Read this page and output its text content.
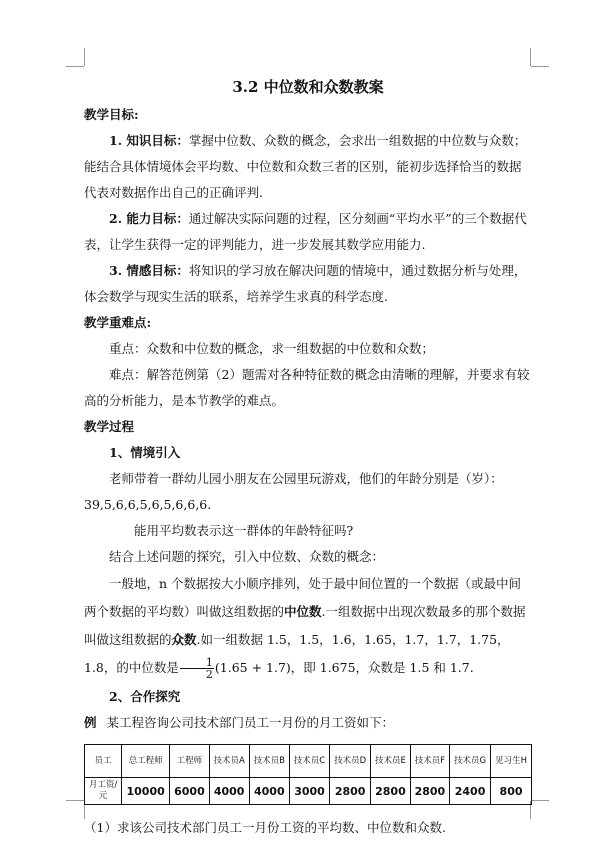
3.2 中位数和众数教案

教学目标:

1. 知识目标：掌握中位数、众数的概念，会求出一组数据的中位数与众数；能结合具体情境体会平均数、中位数和众数三者的区别，能初步选择恰当的数据代表对数据作出自己的正确评判.

2. 能力目标：通过解决实际问题的过程，区分刻画“平均水平”的三个数据代表，让学生获得一定的评判能力，进一步发展其数学应用能力.

3. 情感目标：将知识的学习放在解决问题的情境中，通过数据分析与处理，体会数学与现实生活的联系，培养学生求真的科学态度.

教学重难点:

重点：众数和中位数的概念，求一组数据的中位数和众数；

难点：解答范例第（2）题需对各种特征数的概念由清晰的理解，并要求有较高的分析能力，是本节教学的难点。

教学过程

1、情境引入

老师带着一群幼儿园小朋友在公园里玩游戏，他们的年龄分别是（岁）：

39,5,6,6,5,6,5,6,6,6.

能用平均数表示这一群体的年龄特征吗?

结合上述问题的探究，引入中位数、众数的概念：

一般地，n 个数据按大小顺序排列，处于最中间位置的一个数据（或最中间两个数据的平均数）叫做这组数据的中位数.一组数据中出现次数最多的那个数据叫做这组数据的众数.如一组数据 1.5，1.5，1.6，1.65，1.7，1.7，1.75，1.8，的中位数是 $\frac{1}{2} (1.65 + 1.7)$，即 1.675，众数是 1.5 和 1.7.

2、合作探究

例 某工程咨询公司技术部门员工一月份的月工资如下：

员工	总工程师	工程师	技术员A	技术员B	技术员C	技术员D	技术员E	技术员F	技术员G	见习生H
月工资/元	10000	6000	4000	4000	3000	2800	2800	2800	2400	800

（1）求该公司技术部门员工一月份工资的平均数、中位数和众数.
